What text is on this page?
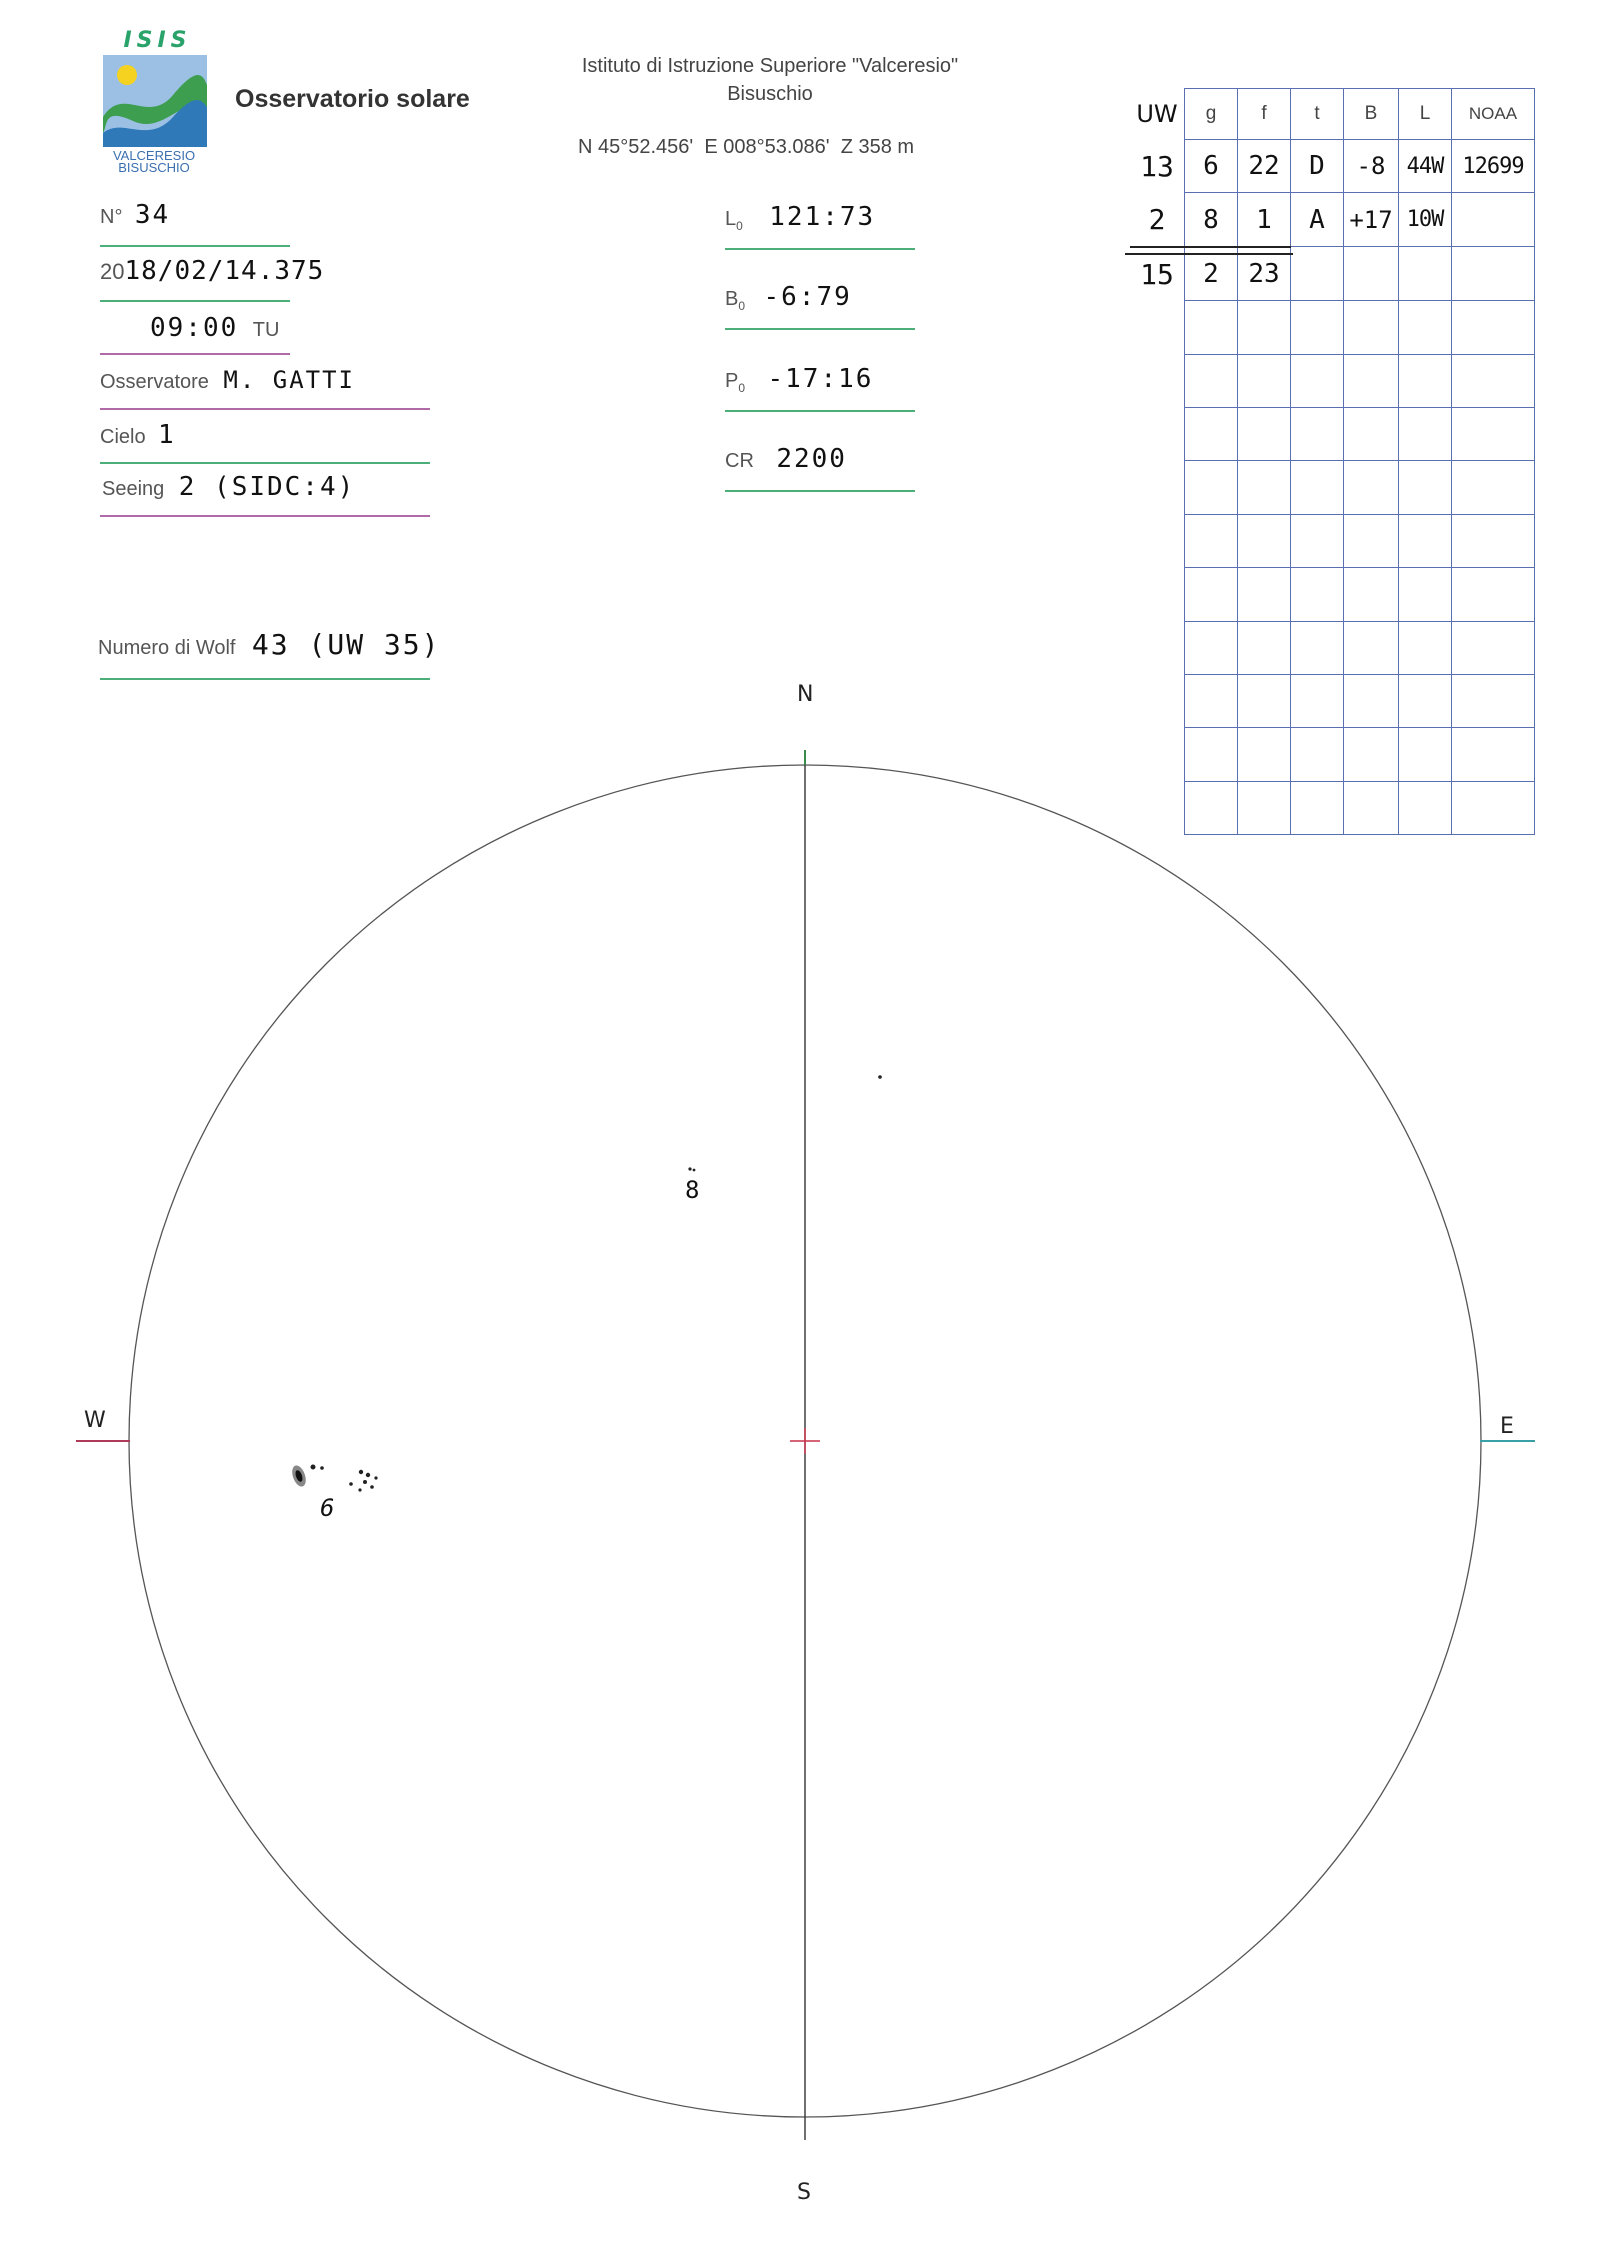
ISIS
VALCERESIO
BISUSCHIO
Osservatorio solare
Istituto di Istruzione Superiore "Valceresio"
Bisuschio
N 45°52.456'  E 008°53.086'  Z 358 m
N° 34
2018/02/14.375
09:00 TU
Osservatore M. GATTI
Cielo 1
Seeing 2 (SIDC:4)
Numero di Wolf 43 (UW 35)
$L_0$ 121:73
$B_0$ -6:79
$P_0$ -17:16
CR 2200
UW	g	f	t	B	L	NOAA
13	6	22	D	-8	44W	12699
2	8	1	A	+17	10W	
15	2	23				

N
S
W	E
8
6
